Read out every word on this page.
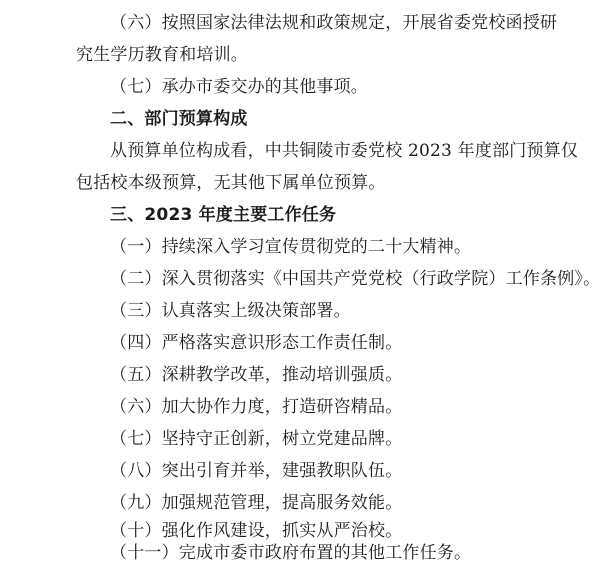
（六）按照国家法律法规和政策规定，开展省委党校函授研
究生学历教育和培训。
（七）承办市委交办的其他事项。
二、部门预算构成
从预算单位构成看，中共铜陵市委党校 2023 年度部门预算仅
包括校本级预算，无其他下属单位预算。
三、2023 年度主要工作任务
（一）持续深入学习宣传贯彻党的二十大精神。
（二）深入贯彻落实《中国共产党党校（行政学院）工作条例》。
（三）认真落实上级决策部署。
（四）严格落实意识形态工作责任制。
（五）深耕教学改革，推动培训强质。
（六）加大协作力度，打造研咨精品。
（七）坚持守正创新，树立党建品牌。
（八）突出引育并举，建强教职队伍。
（九）加强规范管理，提高服务效能。
（十）强化作风建设，抓实从严治校。
（十一）完成市委市政府布置的其他工作任务。
